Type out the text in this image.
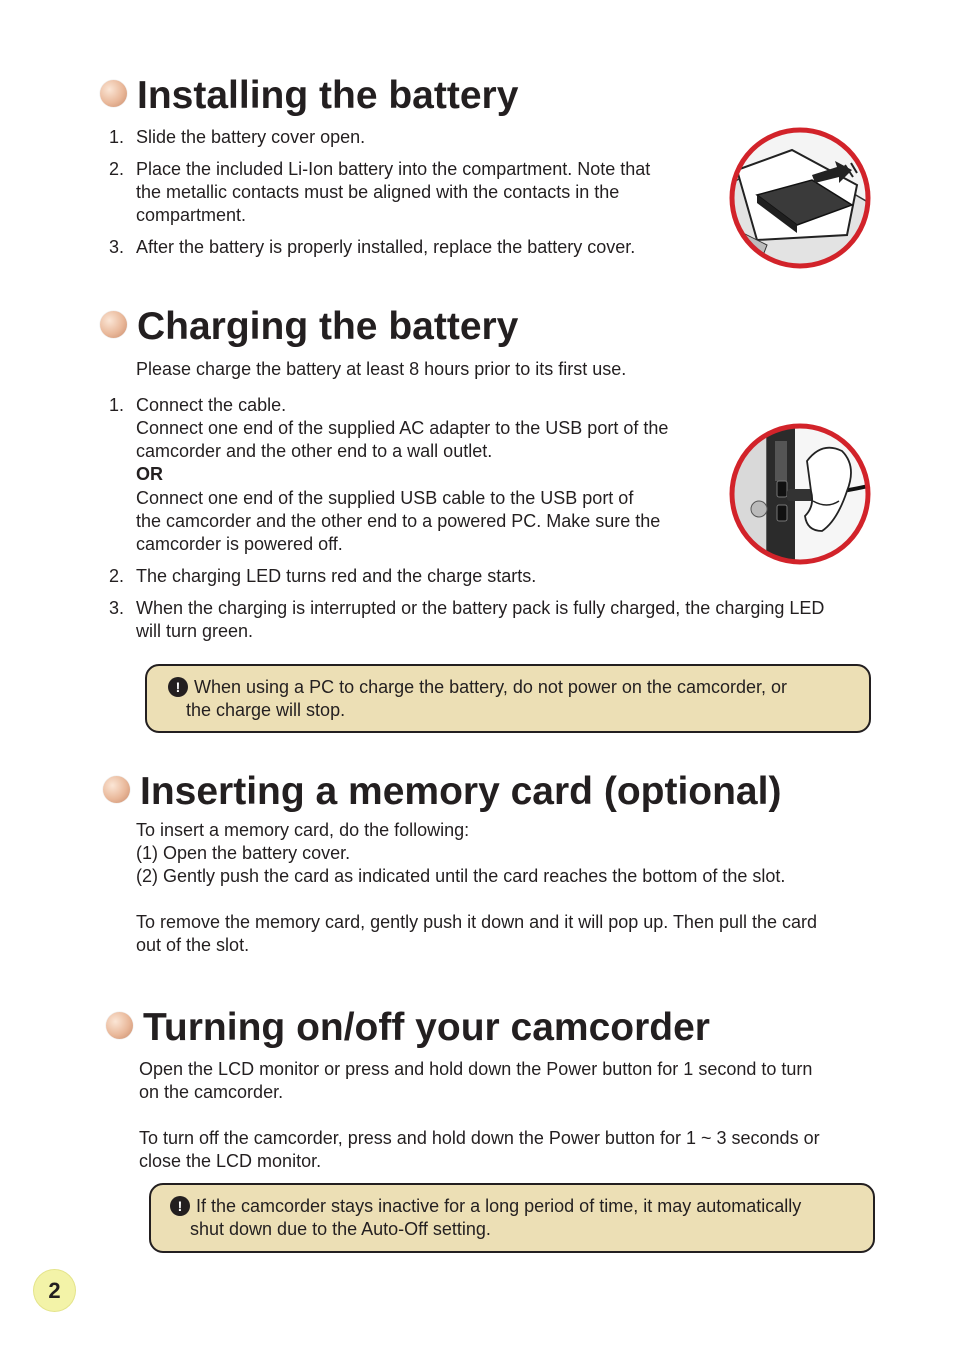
Installing the battery
1. Slide the battery cover open.

2. Place the included Li-Ion battery into the compartment. Note that

the metallic contacts must be aligned with the contacts in the

compartment.

3. After the battery is properly installed, replace the battery cover.

Charging the battery

Please charge the battery at least 8 hours prior to its first use.

1. Connect the cable.

Connect one end of the supplied AC adapter to the USB port of the

camcorder and the other end to a wall outlet.

OR

Connect one end of the supplied USB cable to the USB port of

the camcorder and the other end to a powered PC. Make sure the

camcorder is powered off.

2. The charging LED turns red and the charge starts.

3. When the charging is interrupted or the battery pack is fully charged, the charging LED

will turn green.

! When using a PC to charge the battery, do not power on the camcorder, or
the charge will stop.
Inserting a memory card (optional)

To insert a memory card, do the following:

(1) Open the battery cover.

(2) Gently push the card as indicated until the card reaches the bottom of the slot.

To remove the memory card, gently push it down and it will pop up. Then pull the card

out of the slot.

Turning on/off your camcorder

Open the LCD monitor or press and hold down the Power button for 1 second to turn

on the camcorder.

To turn off the camcorder, press and hold down the Power button for 1 ~ 3 seconds or

close the LCD monitor.

! If the camcorder stays inactive for a long period of time, it may automatically
shut down due to the Auto-Off setting.
2
